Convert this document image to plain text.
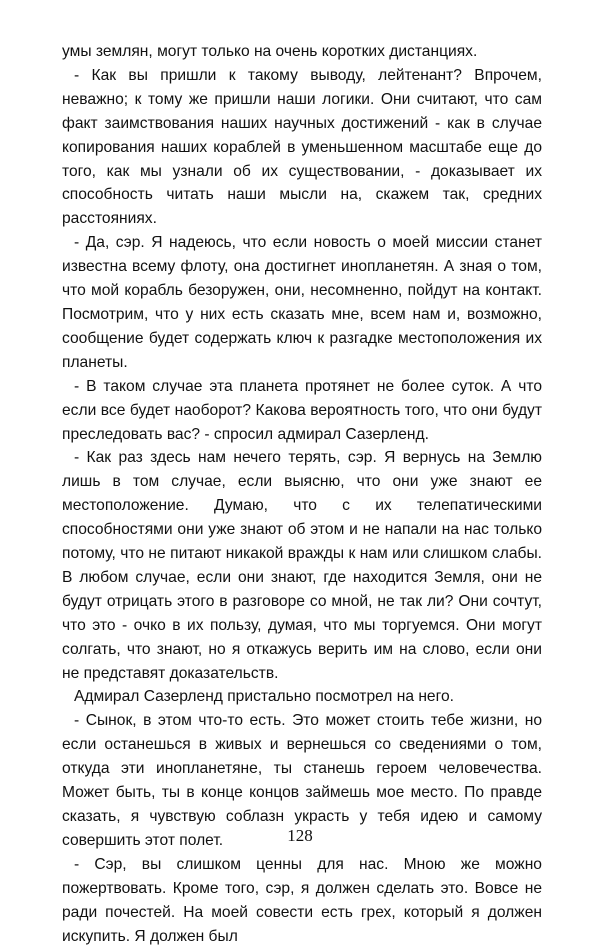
умы землян, могут только на очень коротких дистанциях.

- Как вы пришли к такому выводу, лейтенант? Впрочем, неважно; к тому же пришли наши логики. Они считают, что сам факт заимствования наших научных достижений - как в случае копирования наших кораблей в уменьшенном масштабе еще до того, как мы узнали об их существовании, - доказывает их способность читать наши мысли на, скажем так, средних расстояниях.

- Да, сэр. Я надеюсь, что если новость о моей миссии станет известна всему флоту, она достигнет инопланетян. А зная о том, что мой корабль безоружен, они, несомненно, пойдут на контакт. Посмотрим, что у них есть сказать мне, всем нам и, возможно, сообщение будет содержать ключ к разгадке местоположения их планеты.

- В таком случае эта планета протянет не более суток. А что если все будет наоборот? Какова вероятность того, что они будут преследовать вас? - спросил адмирал Сазерленд.

- Как раз здесь нам нечего терять, сэр. Я вернусь на Землю лишь в том случае, если выясню, что они уже знают ее местоположение. Думаю, что с их телепатическими способностями они уже знают об этом и не напали на нас только потому, что не питают никакой вражды к нам или слишком слабы. В любом случае, если они знают, где находится Земля, они не будут отрицать этого в разговоре со мной, не так ли? Они сочтут, что это - очко в их пользу, думая, что мы торгуемся. Они могут солгать, что знают, но я откажусь верить им на слово, если они не представят доказательств.

Адмирал Сазерленд пристально посмотрел на него.

- Сынок, в этом что-то есть. Это может стоить тебе жизни, но если останешься в живых и вернешься со сведениями о том, откуда эти инопланетяне, ты станешь героем человечества. Может быть, ты в конце концов займешь мое место. По правде сказать, я чувствую соблазн украсть у тебя идею и самому совершить этот полет.

- Сэр, вы слишком ценны для нас. Мною же можно пожертвовать. Кроме того, сэр, я должен сделать это. Вовсе не ради почестей. На моей совести есть грех, который я должен искупить. Я должен был

128
